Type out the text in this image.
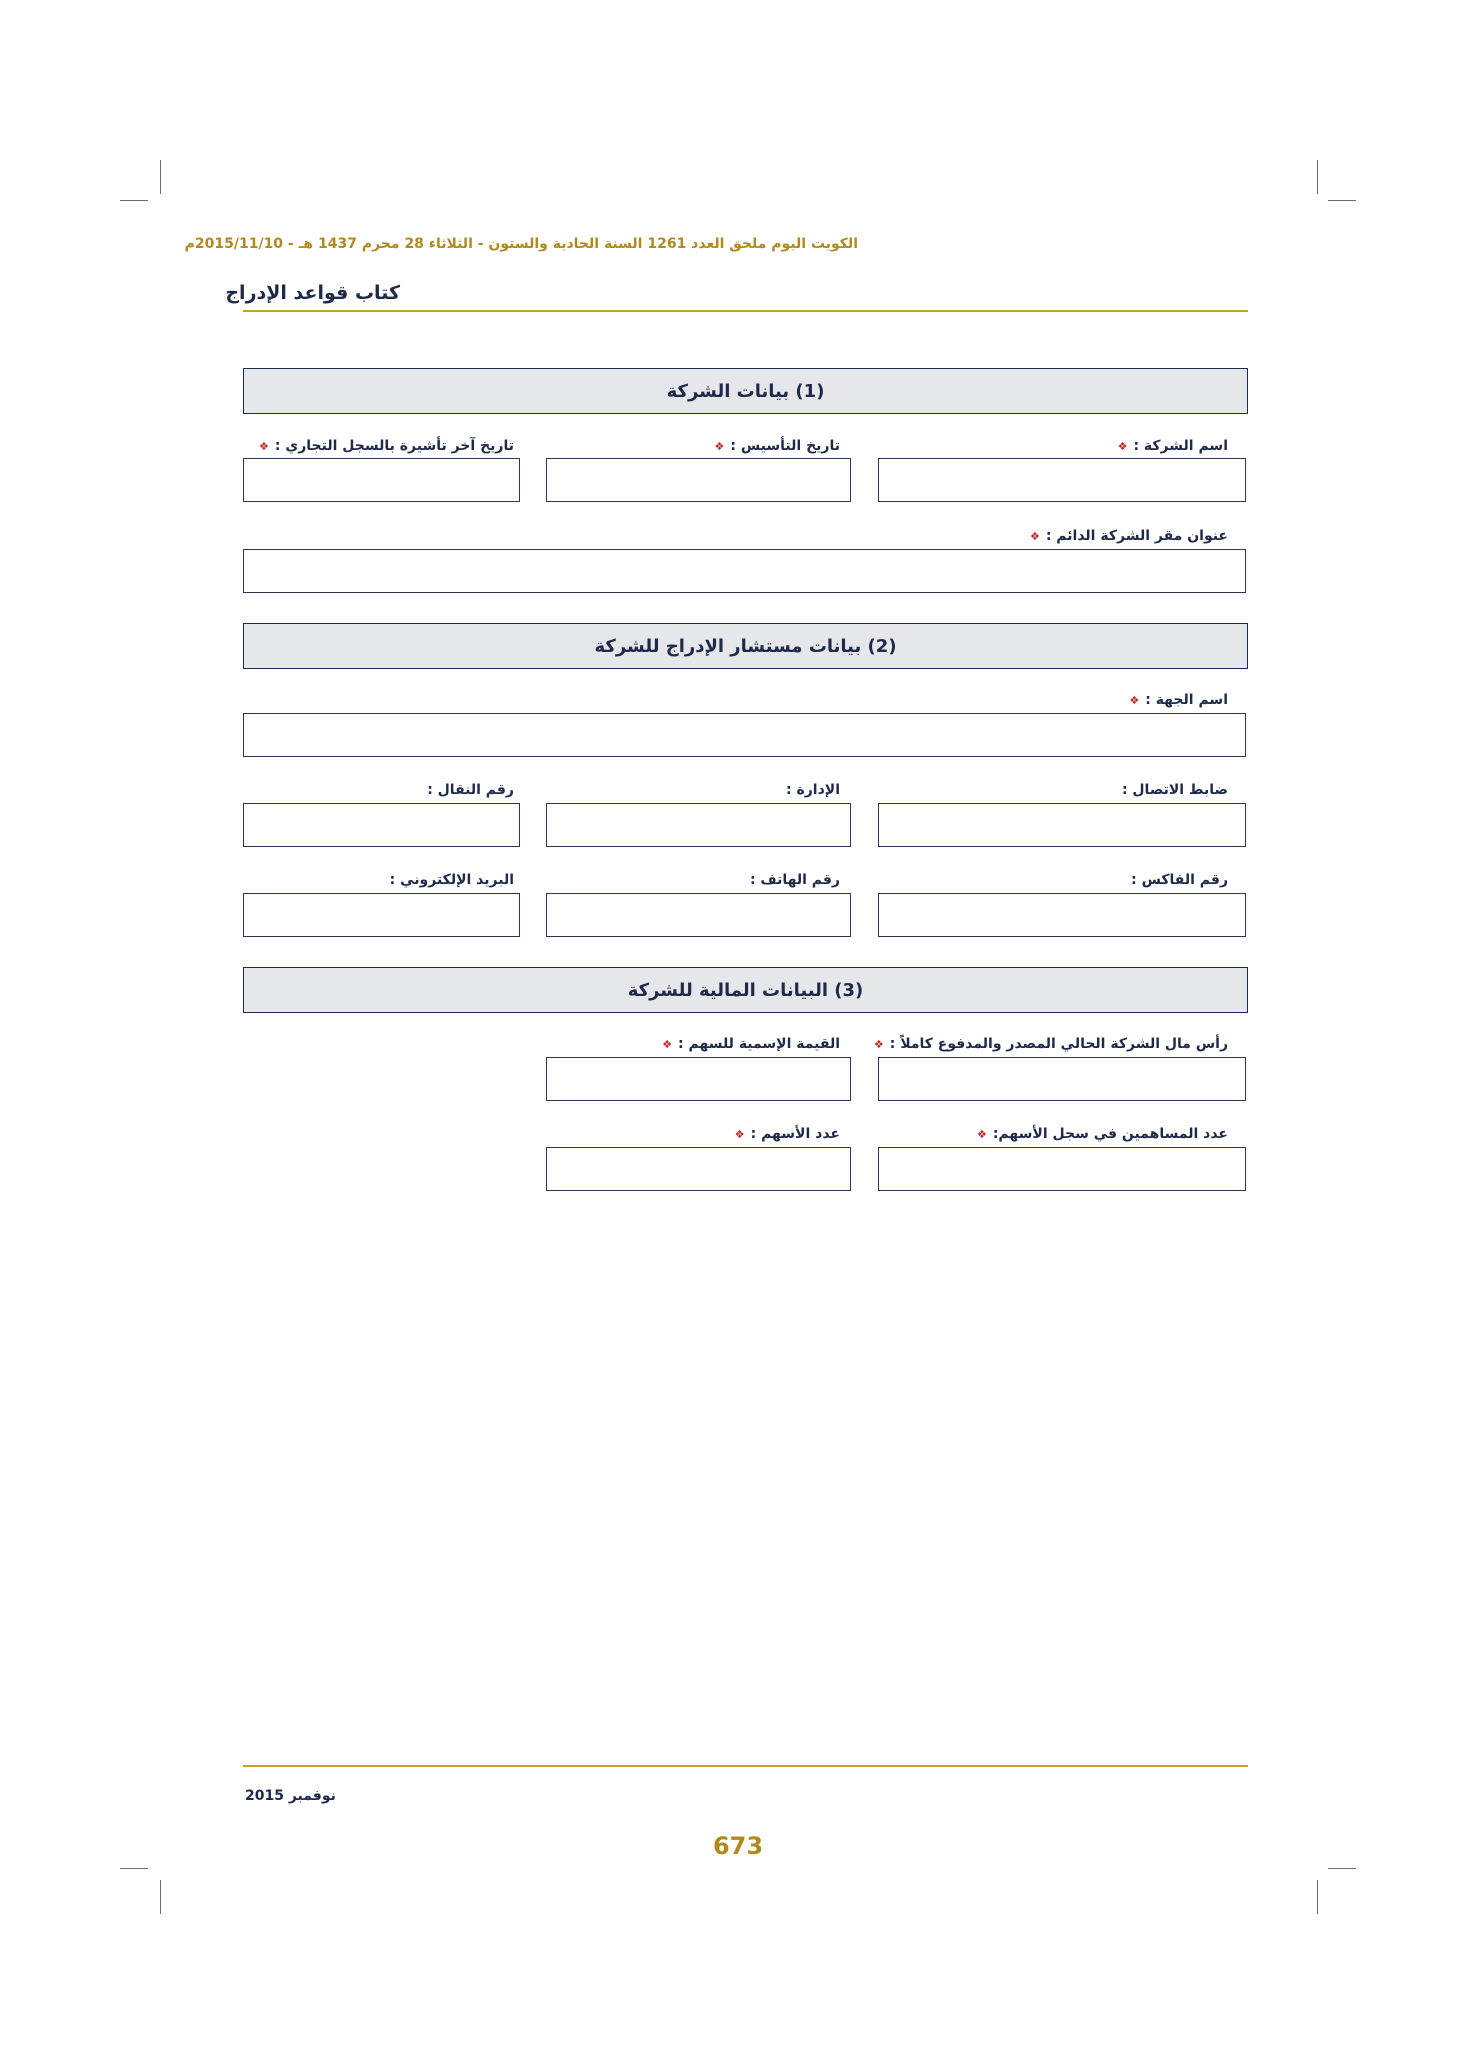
الكويت اليوم ملحق العدد 1261 السنة الحادية والستون - الثلاثاء 28 محرم 1437 هـ - 2015/11/10م
كتاب قواعد الإدراج
(1) بيانات الشركة
اسم الشركة :❖
تاريخ التأسيس :❖
تاريخ آخر تأشيرة بالسجل التجاري :❖
عنوان مقر الشركة الدائم :❖
(2) بيانات مستشار الإدراج للشركة
اسم الجهة :❖
ضابط الاتصال :
الإدارة :
رقم النقال :
رقم الفاكس :
رقم الهاتف :
البريد الإلكتروني :
(3) البيانات المالية للشركة
رأس مال الشركة الحالي المصدر والمدفوع كاملاً :❖
القيمة الإسمية للسهم :❖
عدد المساهمين في سجل الأسهم:❖
عدد الأسهم :❖
نوفمبر 2015
673
